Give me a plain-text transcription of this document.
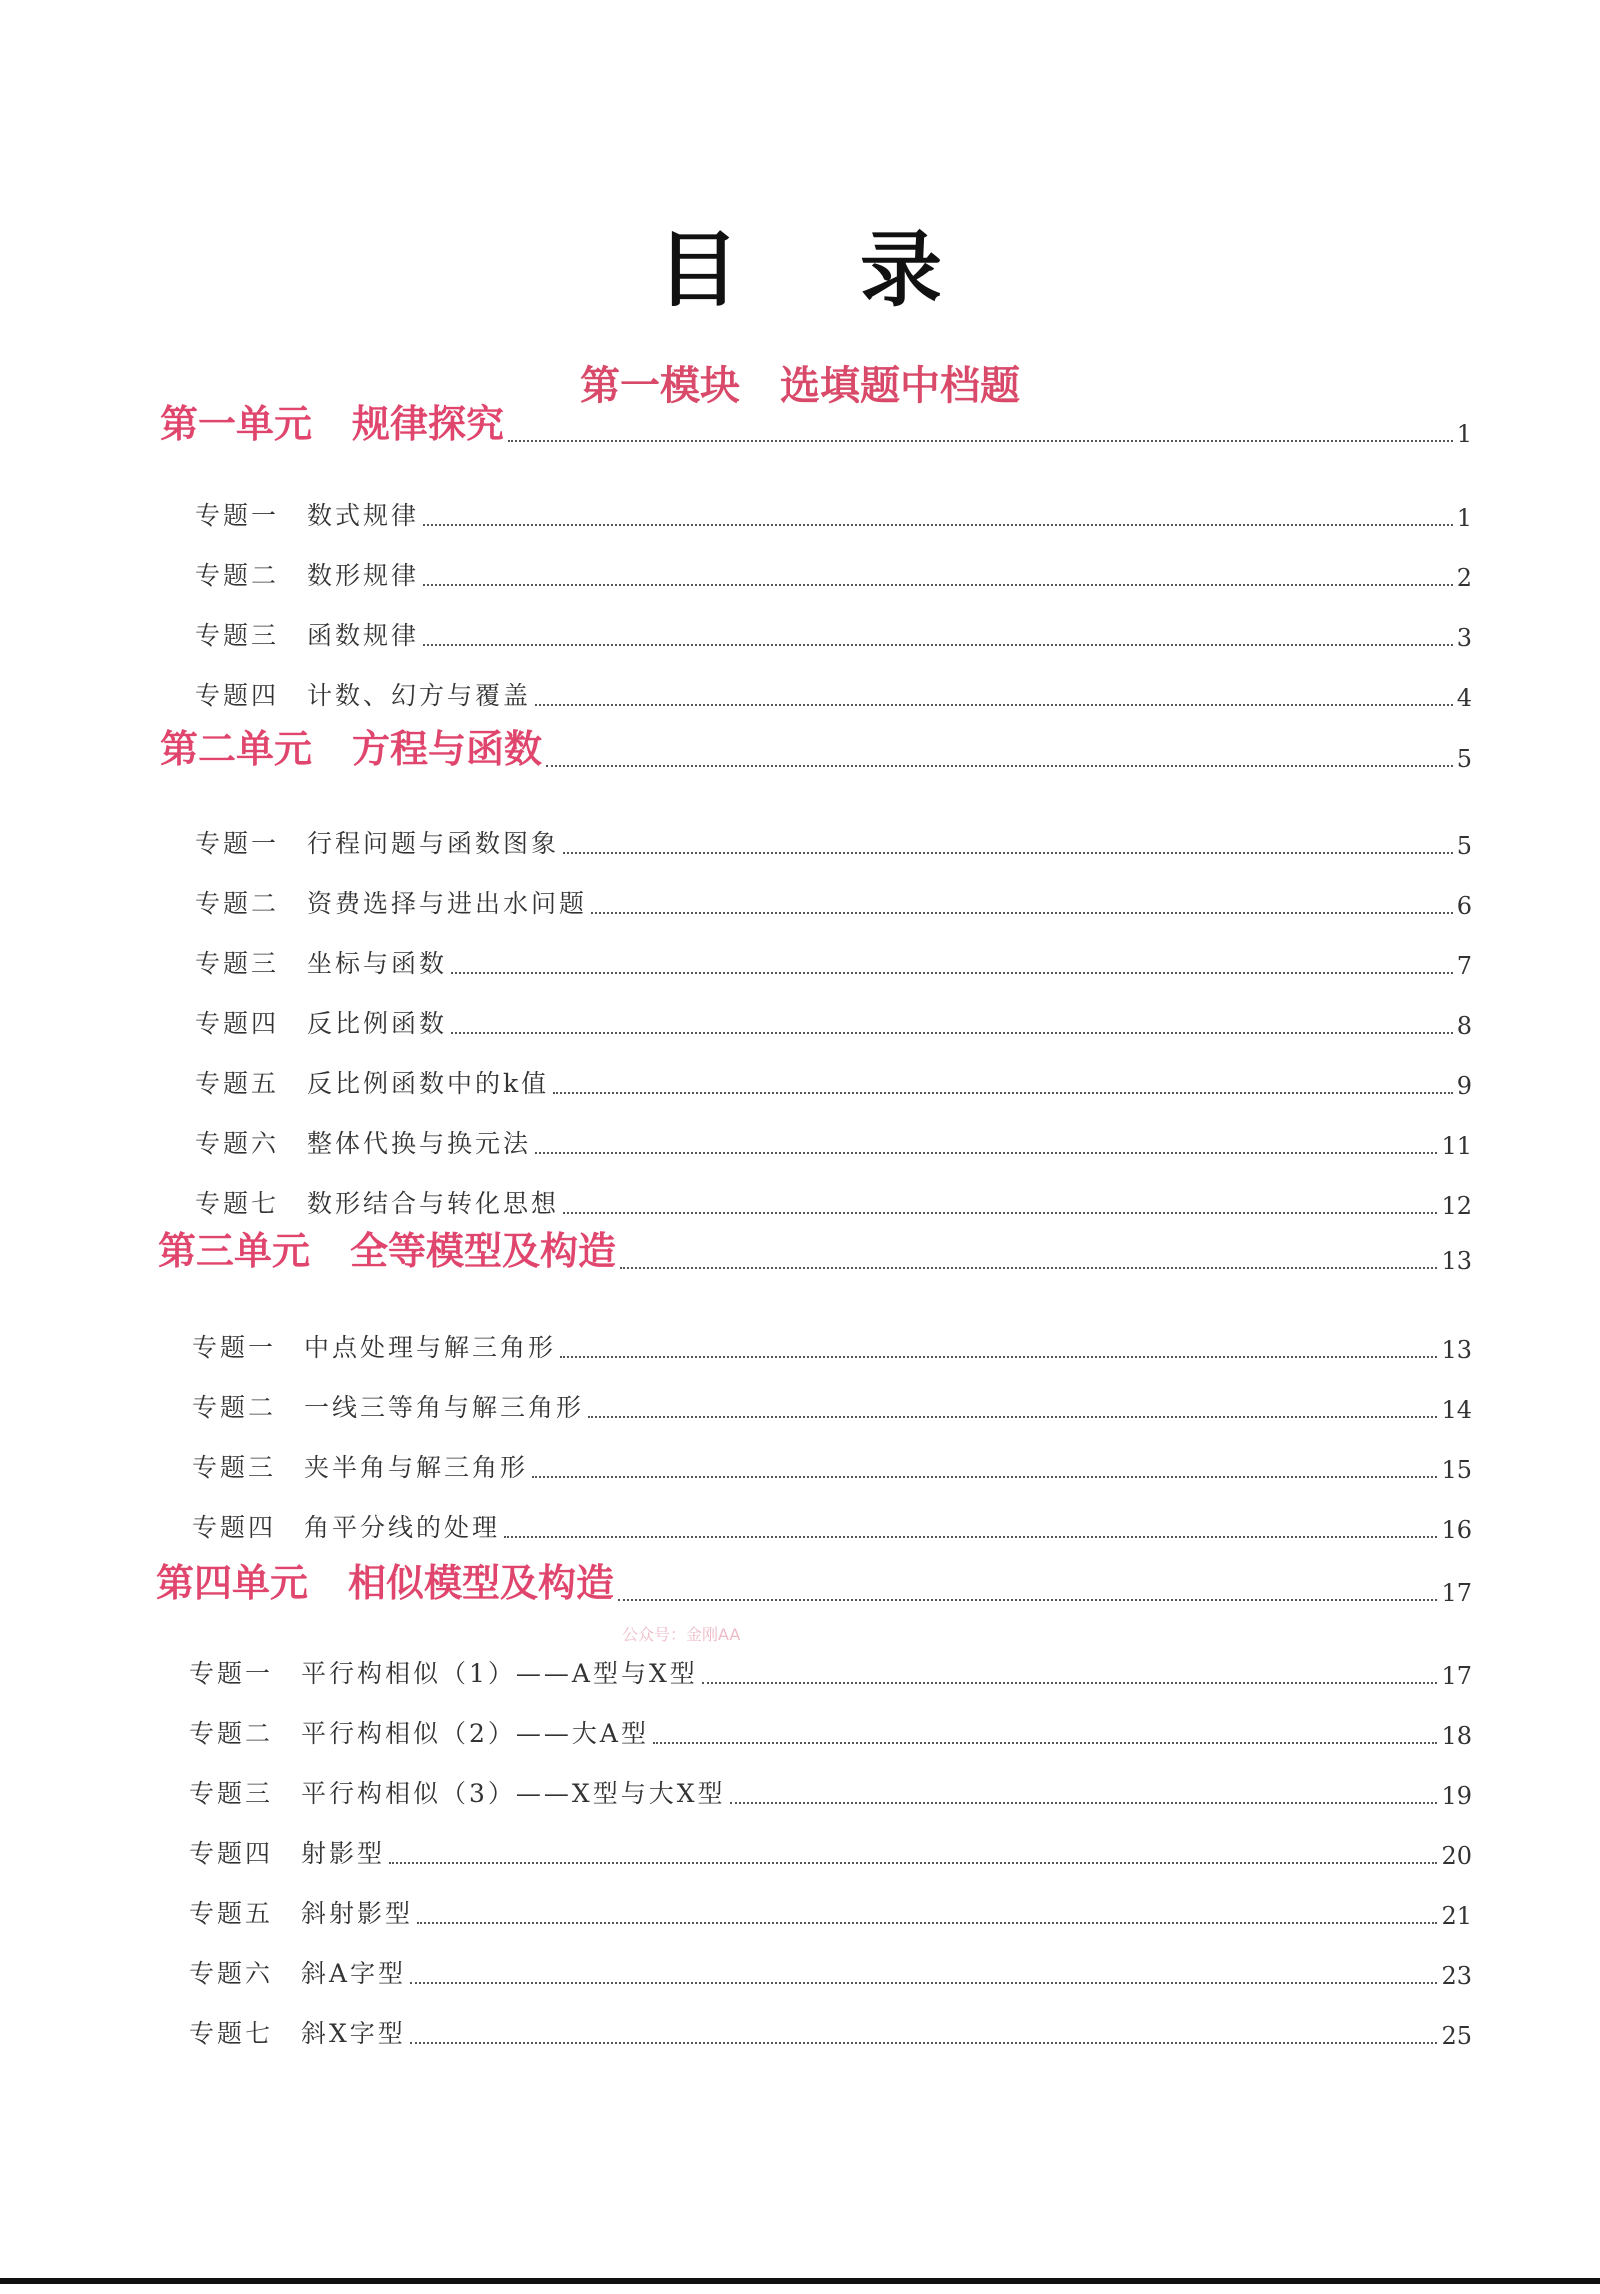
目 录
第一模块 选填题中档题
第一单元 规律探究	1
专题一	数式规律	1
专题二	数形规律	2
专题三	函数规律	3
专题四	计数、幻方与覆盖	4
第二单元 方程与函数	5
专题一	行程问题与函数图象	5
专题二	资费选择与进出水问题	6
专题三	坐标与函数	7
专题四	反比例函数	8
专题五	反比例函数中的k值	9
专题六	整体代换与换元法	11
专题七	数形结合与转化思想	12
第三单元 全等模型及构造	13
专题一	中点处理与解三角形	13
专题二	一线三等角与解三角形	14
专题三	夹半角与解三角形	15
专题四	角平分线的处理	16
第四单元 相似模型及构造	17
专题一	平行构相似（1）——A型与X型	17
专题二	平行构相似（2）——大A型	18
专题三	平行构相似（3）——X型与大X型	19
专题四	射影型	20
专题五	斜射影型	21
专题六	斜A字型	23
专题七	斜X字型	25
公众号：金刚AA
